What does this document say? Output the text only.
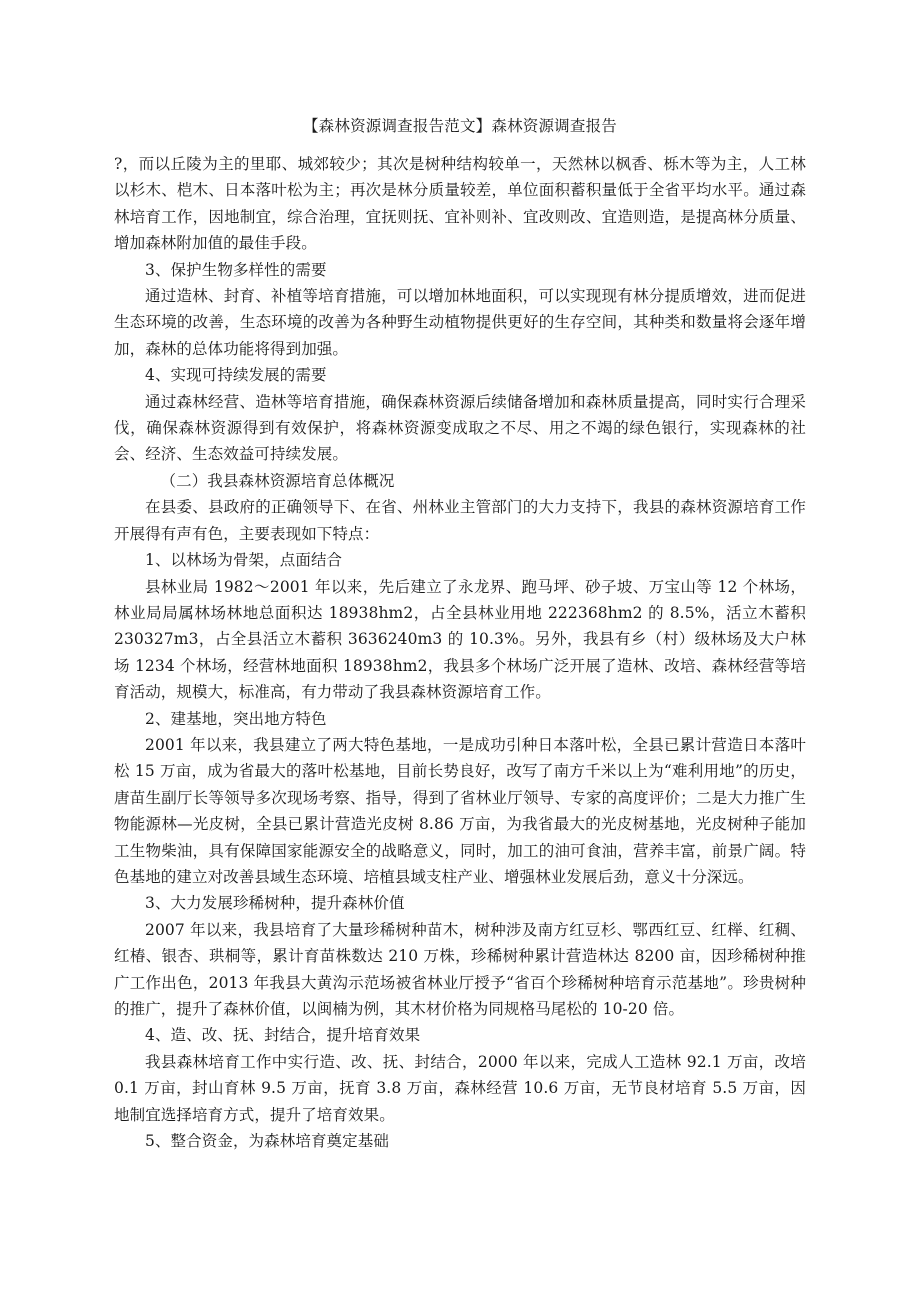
【森林资源调查报告范文】森林资源调查报告

?，而以丘陵为主的里耶、城郊较少；其次是树种结构较单一，天然林以枫香、栎木等为主，人工林以杉木、桤木、日本落叶松为主；再次是林分质量较差，单位面积蓄积量低于全省平均水平。通过森林培育工作，因地制宜，综合治理，宜抚则抚、宜补则补、宜改则改、宜造则造，是提高林分质量、增加森林附加值的最佳手段。

3、保护生物多样性的需要

通过造林、封育、补植等培育措施，可以增加林地面积，可以实现现有林分提质增效，进而促进生态环境的改善，生态环境的改善为各种野生动植物提供更好的生存空间，其种类和数量将会逐年增加，森林的总体功能将得到加强。

4、实现可持续发展的需要

通过森林经营、造林等培育措施，确保森林资源后续储备增加和森林质量提高，同时实行合理采伐，确保森林资源得到有效保护，将森林资源变成取之不尽、用之不竭的绿色银行，实现森林的社会、经济、生态效益可持续发展。

（二）我县森林资源培育总体概况

在县委、县政府的正确领导下、在省、州林业主管部门的大力支持下，我县的森林资源培育工作开展得有声有色，主要表现如下特点：

1、以林场为骨架，点面结合

县林业局 1982～2001 年以来，先后建立了永龙界、跑马坪、砂子坡、万宝山等 12 个林场，林业局局属林场林地总面积达 18938hm2，占全县林业用地 222368hm2 的 8.5%，活立木蓄积 230327m3，占全县活立木蓄积 3636240m3 的 10.3%。另外，我县有乡（村）级林场及大户林场 1234 个林场，经营林地面积 18938hm2，我县多个林场广泛开展了造林、改培、森林经营等培育活动，规模大，标准高，有力带动了我县森林资源培育工作。

2、建基地，突出地方特色

2001 年以来，我县建立了两大特色基地，一是成功引种日本落叶松，全县已累计营造日本落叶松 15 万亩，成为省最大的落叶松基地，目前长势良好，改写了南方千米以上为“难利用地”的历史，唐苗生副厅长等领导多次现场考察、指导，得到了省林业厅领导、专家的高度评价；二是大力推广生物能源林—光皮树，全县已累计营造光皮树 8.86 万亩，为我省最大的光皮树基地，光皮树种子能加工生物柴油，具有保障国家能源安全的战略意义，同时，加工的油可食油，营养丰富，前景广阔。特色基地的建立对改善县域生态环境、培植县域支柱产业、增强林业发展后劲，意义十分深远。

3、大力发展珍稀树种，提升森林价值

2007 年以来，我县培育了大量珍稀树种苗木，树种涉及南方红豆杉、鄂西红豆、红榉、红稠、红椿、银杏、珙桐等，累计育苗株数达 210 万株，珍稀树种累计营造林达 8200 亩，因珍稀树种推广工作出色，2013 年我县大黄沟示范场被省林业厅授予“省百个珍稀树种培育示范基地”。珍贵树种的推广，提升了森林价值，以闽楠为例，其木材价格为同规格马尾松的 10-20 倍。

4、造、改、抚、封结合，提升培育效果

我县森林培育工作中实行造、改、抚、封结合，2000 年以来，完成人工造林 92.1 万亩，改培 0.1 万亩，封山育林 9.5 万亩，抚育 3.8 万亩，森林经营 10.6 万亩，无节良材培育 5.5 万亩，因地制宜选择培育方式，提升了培育效果。

5、整合资金，为森林培育奠定基础
